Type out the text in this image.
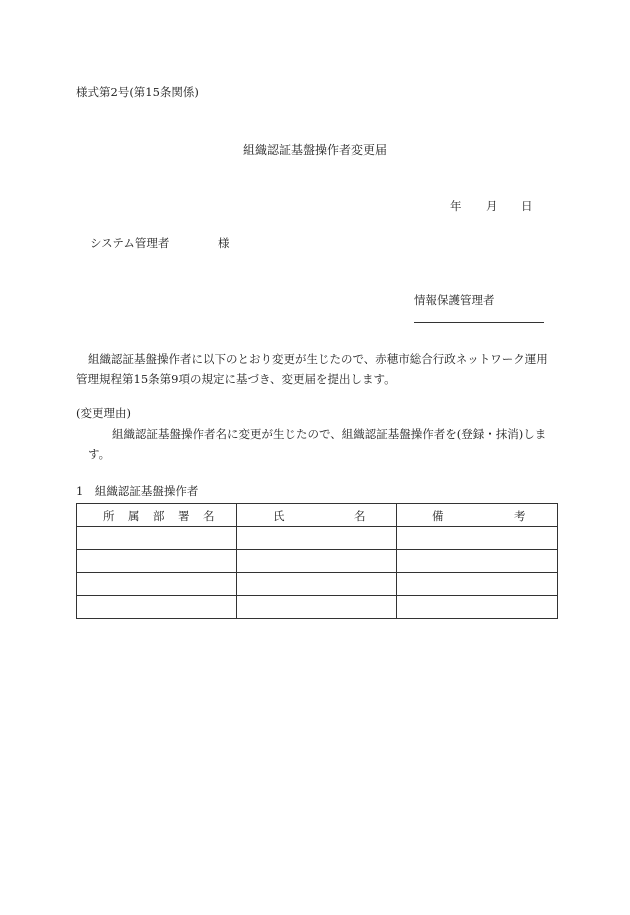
様式第2号(第15条関係)
組織認証基盤操作者変更届
年 月 日
システム管理者	様
情報保護管理者
組織認証基盤操作者に以下のとおり変更が生じたので、赤穂市総合行政ネットワーク運用管理規程第15条第9項の規定に基づき、変更届を提出します。
(変更理由)
組織認証基盤操作者名に変更が生じたので、組織認証基盤操作者を(登録・抹消)します。
1　組織認証基盤操作者
所 属 部 署 名	氏 名	備 考
